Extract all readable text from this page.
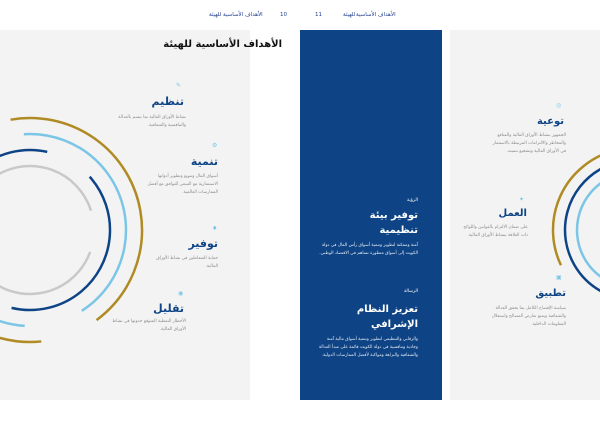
للهيئة الأهداف الأساسية
11
10
الأهداف الأساسية للهيئة
الأهداف الأساسية للهيئة
✎
تنظيم
نشاط الأوراق المالية بما يتسم بالعدالة والتنافسية والشفافية.
⚙
تنمية
أسواق المال وتنويع وتطوير أدواتها الاستثمارية مع السعي للتوافق مع أفضل الممارسات العالمية.
♦
توفير
حماية المتعاملين في نشاط الأوراق المالية.
◉
تقليل
الأخطار النمطية المتوقع حدوثها في نشاط الأوراق المالية.
الرؤية
توفير بيئة تنظيمية
آمنة وممكنة لتطوير وتنمية أسواق رأس المال في دولة الكويت إلى أسواق متطورة تساهم في الاقتصاد الوطني.
الرسالة
تعزيز النظام الإشرافي
والرقابي والتنظيمي لتطوير وتنمية أسواق مالية آمنة وجاذبة وتنافسية في دولة الكويت قائمة على مبدأ العدالة والشفافية والنزاهة ومواكبة لأفضل الممارسات الدولية.
◎
توعية
الجمهور بنشاط الأوراق المالية والمنافع والمخاطر والالتزامات المرتبطة بالاستثمار في الأوراق المالية وتشجيع تنميته.
✦
العمل
على ضمان الالتزام بالقوانين واللوائح ذات العلاقة بنشاط الأوراق المالية.
▣
تطبيق
سياسة الإفصاح الكامل بما يحقق العدالة والشفافية ويمنع تعارض المصالح واستغلال المعلومات الداخلية.
